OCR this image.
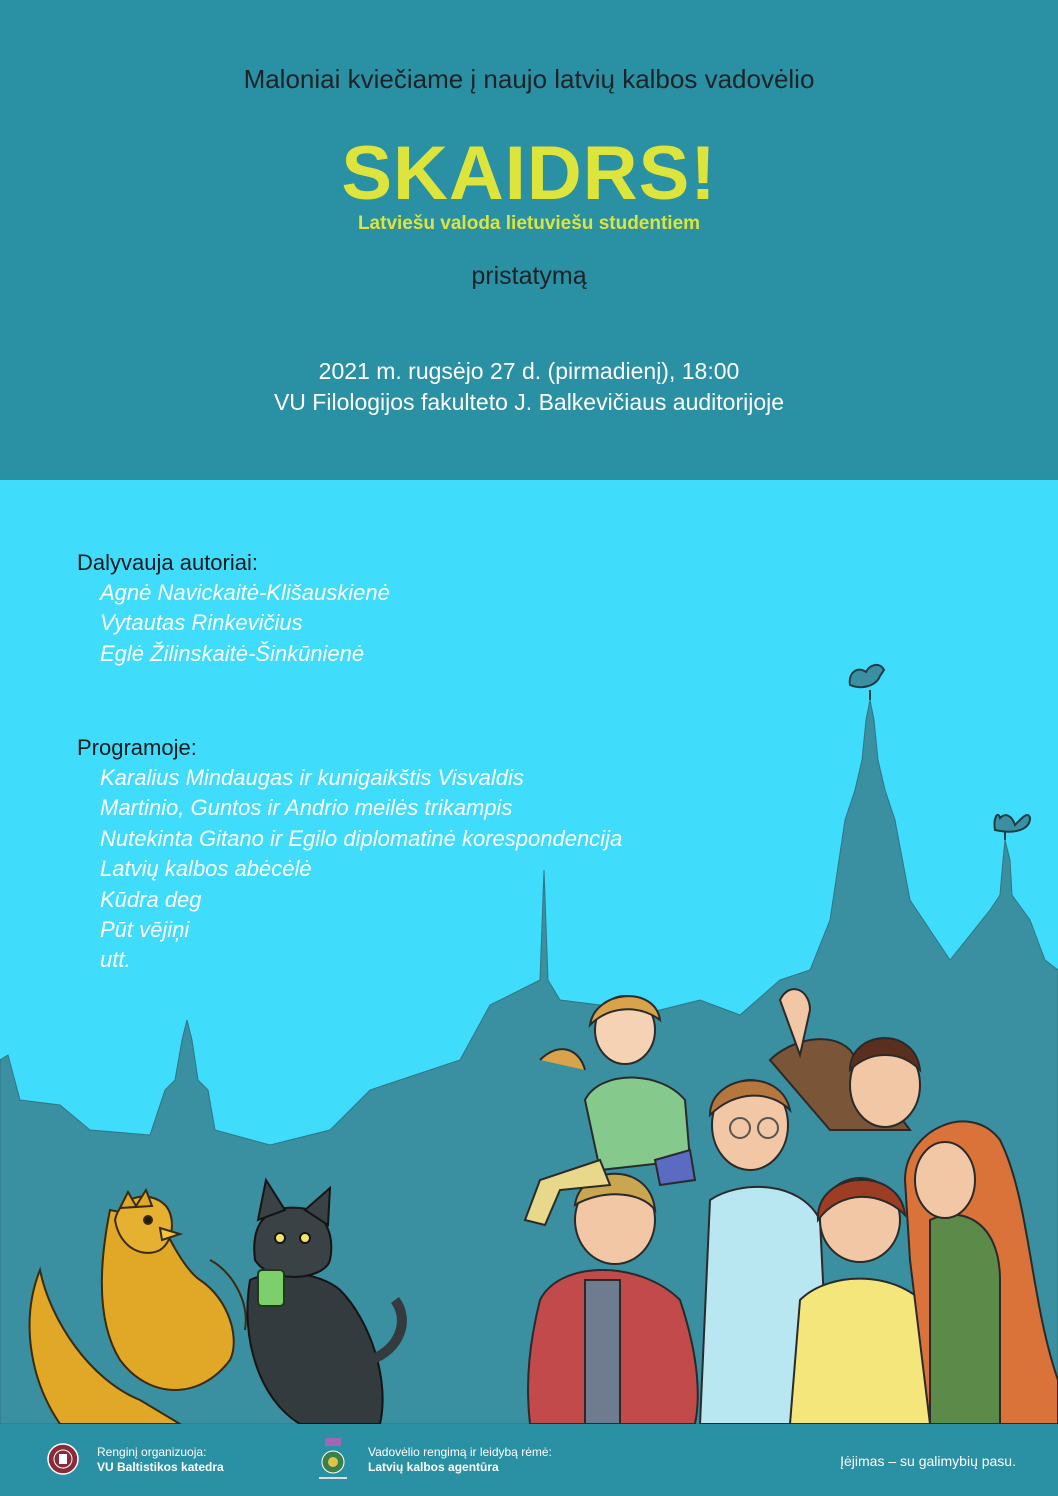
Maloniai kviečiame į naujo latvių kalbos vadovėlio
SKAIDRS!
Latviešu valoda lietuviešu studentiem
pristatymą
2021 m. rugsėjo 27 d. (pirmadienį), 18:00
VU Filologijos fakulteto J. Balkevičiaus auditorijoje
Dalyvauja autoriai:
Agnė Navickaitė-Klišauskienė
Vytautas Rinkevičius
Eglė Žilinskaitė-Šinkūnienė
Programoje:
Karalius Mindaugas ir kunigaikštis Visvaldis
Martinio, Guntos ir Andrio meilės trikampis
Nutekinta Gitano ir Egilo diplomatinė korespondencija
Latvių kalbos abėcėlė
Kūdra deg
Pūt vējiņi
utt.
Renginį organizuoja:
VU Baltistikos katedra
Vadovėlio rengimą ir leidybą rėmė:
Latvių kalbos agentūra	Įėjimas – su galimybių pasu.
